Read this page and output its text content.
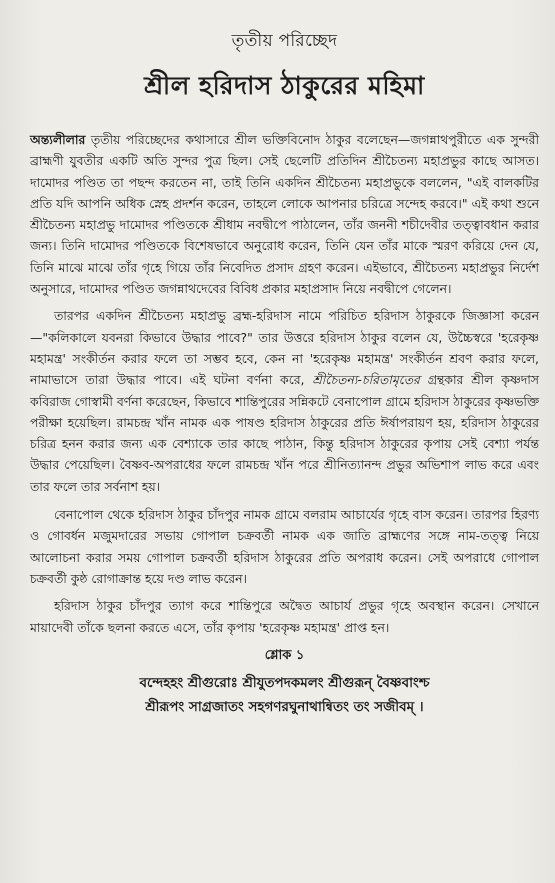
তৃতীয় পরিচ্ছেদ
শ্রীল হরিদাস ঠাকুরের মহিমা

অন্ত্যলীলার তৃতীয় পরিচ্ছেদের কথাসারে শ্রীল ভক্তিবিনোদ ঠাকুর বলেছেন—জগন্নাথপুরীতে এক সুন্দরী ব্রাহ্মণী যুবতীর একটি অতি সুন্দর পুত্র ছিল। সেই ছেলেটি প্রতিদিন শ্রীচৈতন্য মহাপ্রভুর কাছে আসত। দামোদর পণ্ডিত তা পছন্দ করতেন না, তাই তিনি একদিন শ্রীচৈতন্য মহাপ্রভুকে বললেন, "এই বালকটির প্রতি যদি আপনি অধিক স্নেহ প্রদর্শন করেন, তাহলে লোকে আপনার চরিত্রে সন্দেহ করবে।" এই কথা শুনে শ্রীচৈতন্য মহাপ্রভু দামোদর পণ্ডিতকে শ্রীধাম নবদ্বীপে পাঠালেন, তাঁর জননী শচীদেবীর তত্ত্বাবধান করার জন্য। তিনি দামোদর পণ্ডিতকে বিশেষভাবে অনুরোধ করেন, তিনি যেন তাঁর মাকে স্মরণ করিয়ে দেন যে, তিনি মাঝে মাঝে তাঁর গৃহে গিয়ে তাঁর নিবেদিত প্রসাদ গ্রহণ করেন। এইভাবে, শ্রীচৈতন্য মহাপ্রভুর নির্দেশ অনুসারে, দামোদর পণ্ডিত জগন্নাথদেবের বিবিধ প্রকার মহাপ্রসাদ নিয়ে নবদ্বীপে গেলেন।

তারপর একদিন শ্রীচৈতন্য মহাপ্রভু ব্রহ্ম-হরিদাস নামে পরিচিত হরিদাস ঠাকুরকে জিজ্ঞাসা করেন—"কলিকালে যবনরা কিভাবে উদ্ধার পাবে?" তার উত্তরে হরিদাস ঠাকুর বলেন যে, উচ্চৈস্বরে 'হরেকৃষ্ণ মহামন্ত্র' সংকীর্তন করার ফলে তা সম্ভব হবে, কেন না 'হরেকৃষ্ণ মহামন্ত্র' সংকীর্তন শ্রবণ করার ফলে, নামাভাসে তারা উদ্ধার পাবে। এই ঘটনা বর্ণনা করে, শ্রীচৈতন্য-চরিতামৃতের গ্রন্থকার শ্রীল কৃষ্ণদাস কবিরাজ গোস্বামী বর্ণনা করেছেন, কিভাবে শান্তিপুরের সন্নিকটে বেনাপোল গ্রামে হরিদাস ঠাকুরের কৃষ্ণভক্তি পরীক্ষা হয়েছিল। রামচন্দ্র খাঁন নামক এক পাষণ্ড হরিদাস ঠাকুরের প্রতি ঈর্ষাপরায়ণ হয়, হরিদাস ঠাকুরের চরিত্র হনন করার জন্য এক বেশ্যাকে তার কাছে পাঠান, কিন্তু হরিদাস ঠাকুরের কৃপায় সেই বেশ্যা পর্যন্ত উদ্ধার পেয়েছিল। বৈষ্ণব-অপরাধের ফলে রামচন্দ্র খাঁন পরে শ্রীনিত্যানন্দ প্রভুর অভিশাপ লাভ করে এবং তার ফলে তার সর্বনাশ হয়।

বেনাপোল থেকে হরিদাস ঠাকুর চাঁদপুর নামক গ্রামে বলরাম আচার্যের গৃহে বাস করেন। তারপর হিরণ্য ও গোবর্ধন মজুমদারের সভায় গোপাল চক্রবর্তী নামক এক জাতি ব্রাহ্মণের সঙ্গে নাম-তত্ত্ব নিয়ে আলোচনা করার সময় গোপাল চক্রবর্তী হরিদাস ঠাকুরের প্রতি অপরাধ করেন। সেই অপরাধে গোপাল চক্রবর্তী কুষ্ঠ রোগাক্রান্ত হয়ে দণ্ড লাভ করেন।

হরিদাস ঠাকুর চাঁদপুর ত্যাগ করে শান্তিপুরে অদ্বৈত আচার্য প্রভুর গৃহে অবস্থান করেন। সেখানে মায়াদেবী তাঁকে ছলনা করতে এসে, তাঁর কৃপায় 'হরেকৃষ্ণ মহামন্ত্র' প্রাপ্ত হন।

শ্লোক ১

বন্দেহহং শ্রীগুরোঃ শ্রীযুতপদকমলং শ্রীগুরূন্ বৈষ্ণবাংশ্চ

শ্রীরূপং সাগ্রজাতং সহগণরঘুনাথান্বিতং তং সজীবম্ ।
